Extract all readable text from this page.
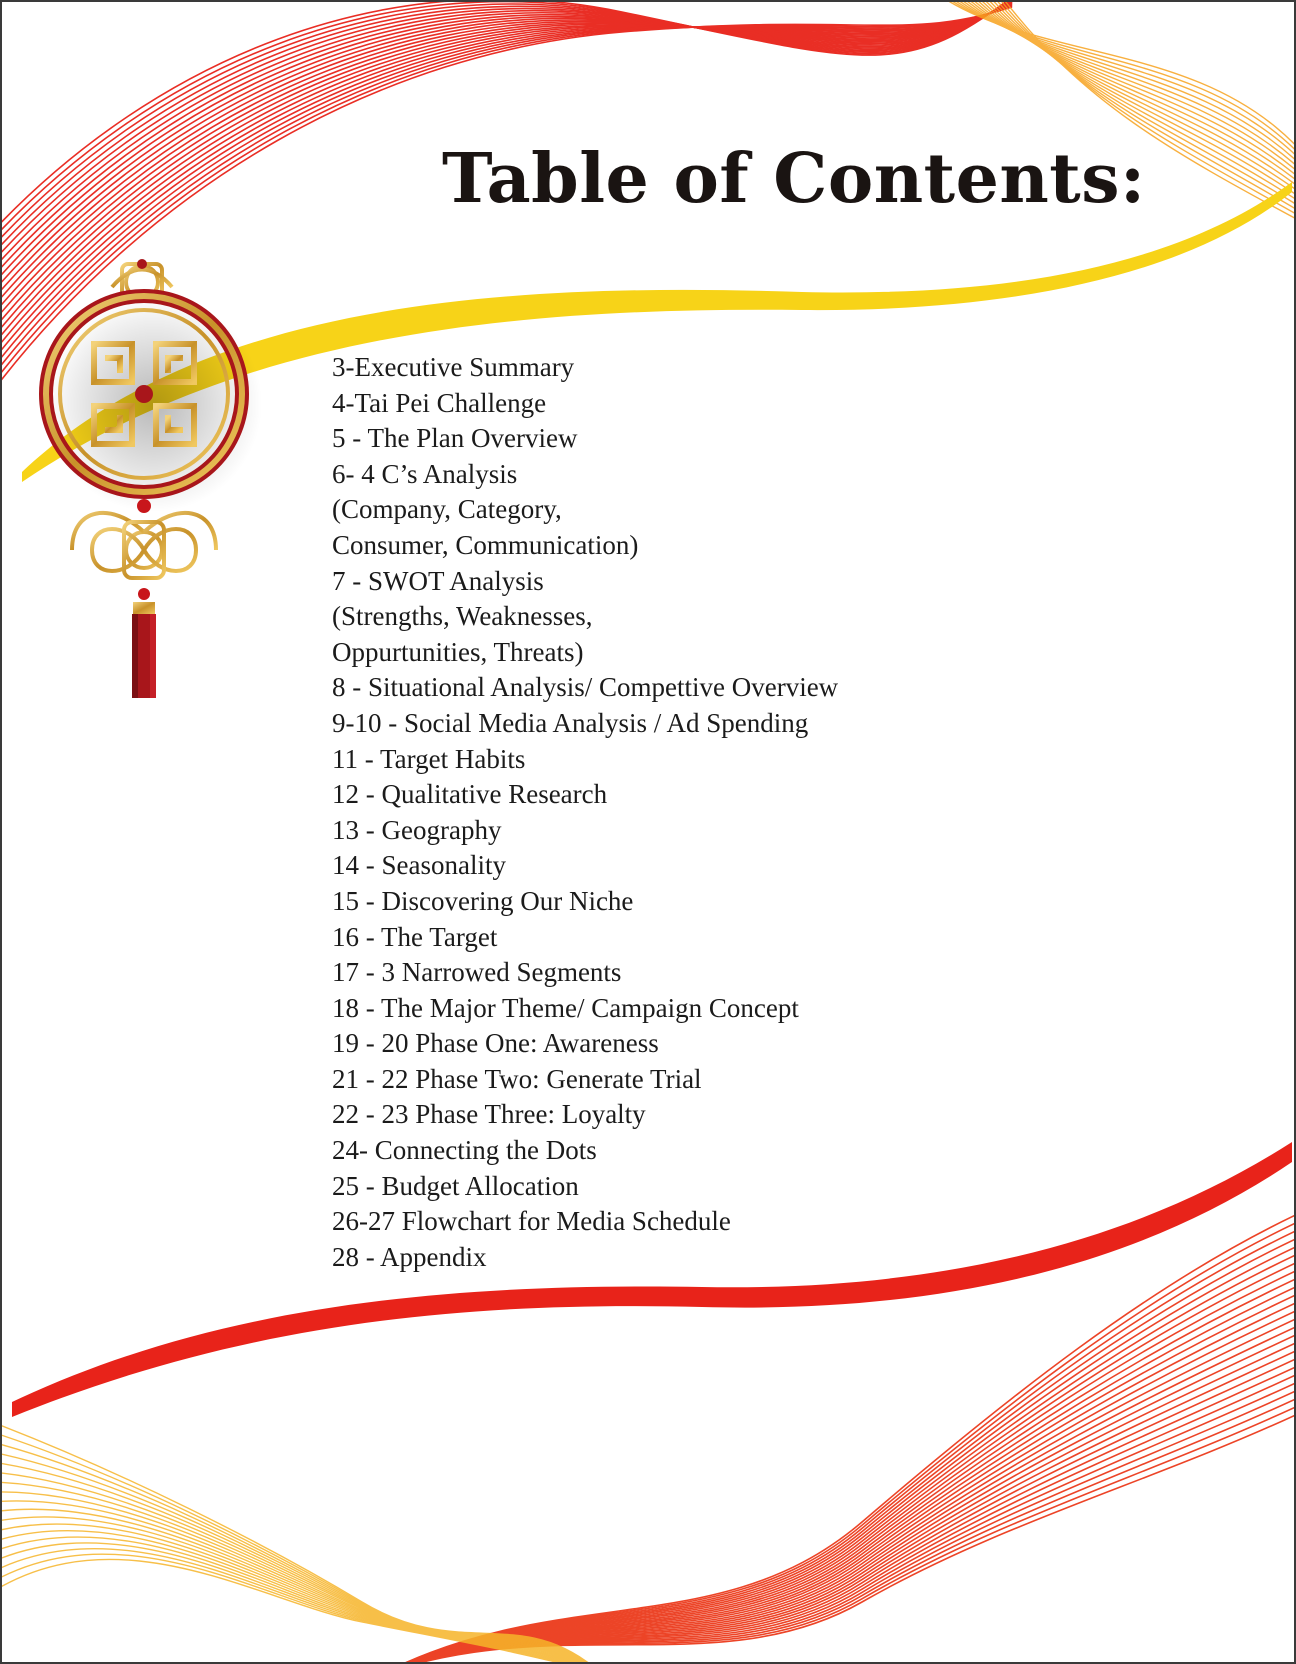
Table of Contents:
3-Executive Summary
4-Tai Pei Challenge
5 - The Plan Overview
6- 4 C’s Analysis
(Company, Category,
Consumer, Communication)
7 - SWOT Analysis
(Strengths, Weaknesses,
Oppurtunities, Threats)
8 - Situational Analysis/ Compettive Overview
9-10 - Social Media Analysis / Ad Spending
11 - Target Habits
12 - Qualitative Research
13 - Geography
14 - Seasonality
15 - Discovering Our Niche
16 - The Target
17 - 3 Narrowed Segments
18 - The Major Theme/ Campaign Concept
19 - 20 Phase One: Awareness
21 - 22 Phase Two: Generate Trial
22 - 23 Phase Three: Loyalty
24- Connecting the Dots
25 - Budget Allocation
26-27 Flowchart for Media Schedule
28 - Appendix
